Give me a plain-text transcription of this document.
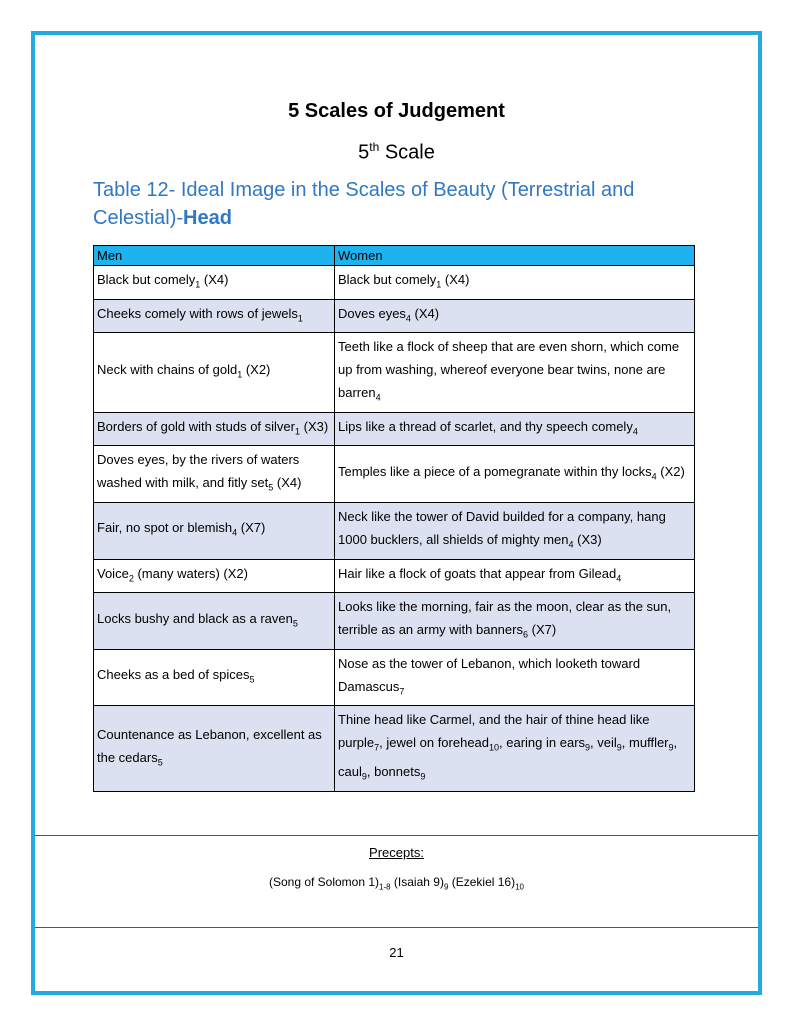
5 Scales of Judgement
5th Scale
Table 12- Ideal Image in the Scales of Beauty (Terrestrial and Celestial)-Head
Men	Women
Black but comely$_1$ (X4)	Black but comely$_1$ (X4)
Cheeks comely with rows of jewels$_1$	Doves eyes$_4$ (X4)
Neck with chains of gold$_1$ (X2)	Teeth like a flock of sheep that are even shorn, which come up from washing, whereof everyone bear twins, none are barren$_4$
Borders of gold with studs of silver$_1$ (X3)	Lips like a thread of scarlet, and thy speech comely$_4$
Doves eyes, by the rivers of waters washed with milk, and fitly set$_5$ (X4)	Temples like a piece of a pomegranate within thy locks$_4$ (X2)
Fair, no spot or blemish$_4$ (X7)	Neck like the tower of David builded for a company, hang 1000 bucklers, all shields of mighty men$_4$ (X3)
Voice$_2$ (many waters) (X2)	Hair like a flock of goats that appear from Gilead$_4$
Locks bushy and black as a raven$_5$	Looks like the morning, fair as the moon, clear as the sun, terrible as an army with banners$_6$ (X7)
Cheeks as a bed of spices$_5$	Nose as the tower of Lebanon, which looketh toward Damascus$_7$
Countenance as Lebanon, excellent as the cedars$_5$	Thine head like Carmel, and the hair of thine head like purple$_7$, jewel on forehead$_{10}$, earing in ears$_9$, veil$_9$, muffler$_9$, caul$_9$, bonnets$_9$
Precepts:
(Song of Solomon $1)_{1-8}$ (Isaiah $9)_9$ (Ezekiel $16)_{10}$
21
